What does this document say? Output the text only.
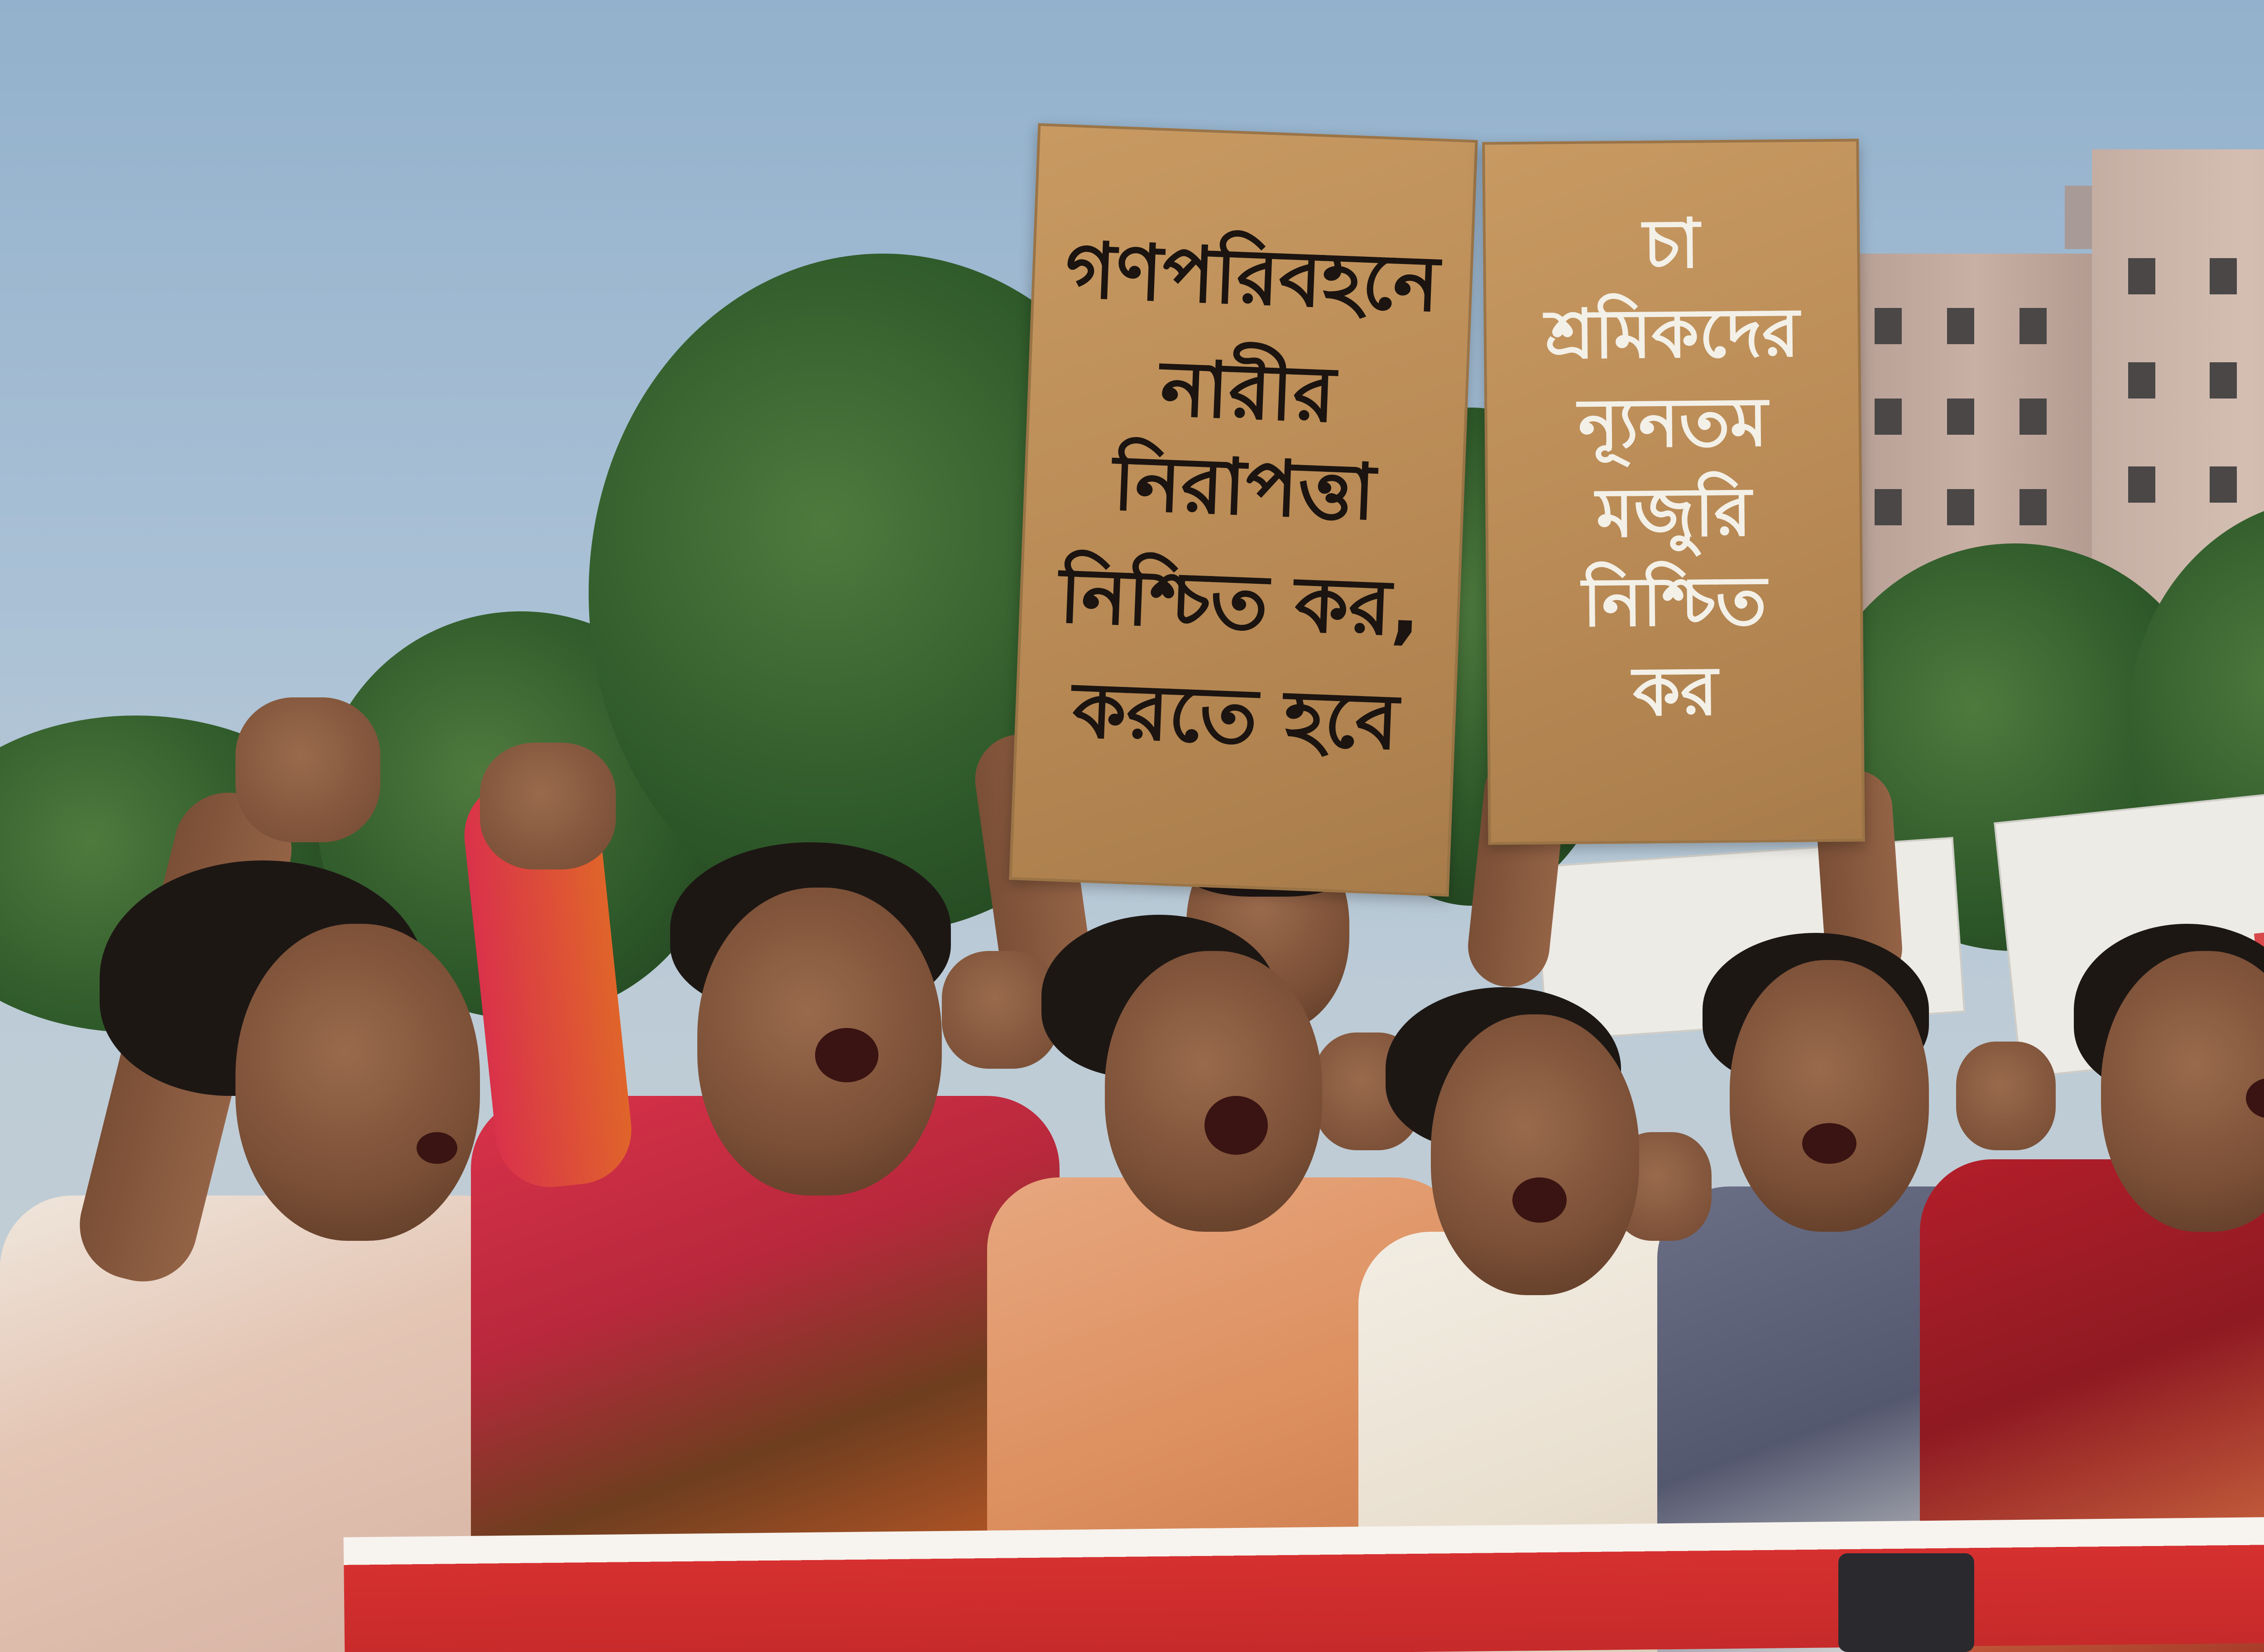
গণপরিবহনে
নারীর নিরাপত্তা
নিশ্চিত কর,
করতে হবে
চা
শ্রমিকদের
ন্যূনতম
মজুরি
নিশ্চিত
কর
